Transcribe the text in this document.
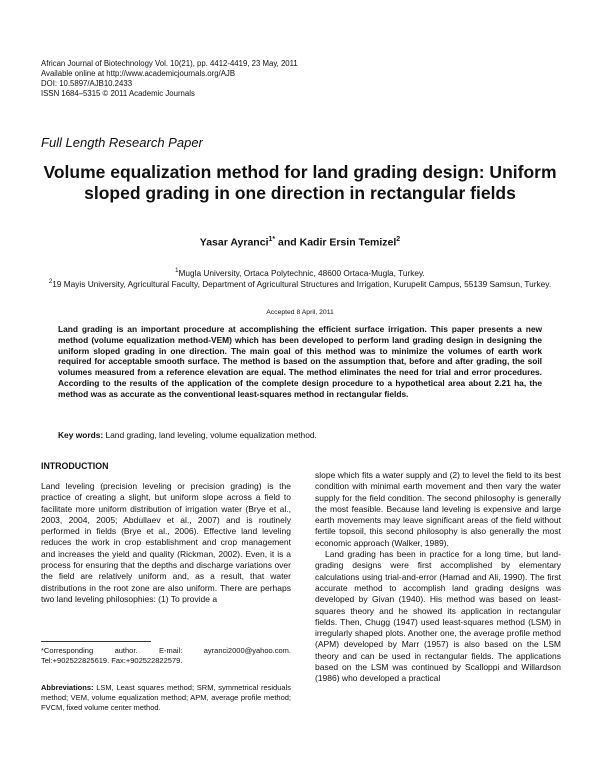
African Journal of Biotechnology Vol. 10(21), pp. 4412-4419, 23 May, 2011
Available online at http://www.academicjournals.org/AJB
DOI: 10.5897/AJB10.2433
ISSN 1684–5315 © 2011 Academic Journals
Full Length Research Paper
Volume equalization method for land grading design: Uniform sloped grading in one direction in rectangular fields
Yasar Ayranci$^{1*}$ and Kadir Ersin Temizel$^2$
$^1$Mugla University, Ortaca Polytechnic, 48600 Ortaca-Mugla, Turkey.
$^2$19 Mayis University, Agricultural Faculty, Department of Agricultural Structures and Irrigation, Kurupelit Campus, 55139 Samsun, Turkey.
Accepted 8 April, 2011
Land grading is an important procedure at accomplishing the efficient surface irrigation. This paper presents a new method (volume equalization method-VEM) which has been developed to perform land grading design in designing the uniform sloped grading in one direction. The main goal of this method was to minimize the volumes of earth work required for acceptable smooth surface. The method is based on the assumption that, before and after grading, the soil volumes measured from a reference elevation are equal. The method eliminates the need for trial and error procedures. According to the results of the application of the complete design procedure to a hypothetical area about 2.21 ha, the method was as accurate as the conventional least-squares method in rectangular fields.
Key words: Land grading, land leveling, volume equalization method.
INTRODUCTION

Land leveling (precision leveling or precision grading) is the practice of creating a slight, but uniform slope across a field to facilitate more uniform distribution of irrigation water (Brye et al., 2003, 2004, 2005; Abdullaev et al., 2007) and is routinely performed in fields (Brye et al., 2006). Effective land leveling reduces the work in crop establishment and crop management and increases the yield and quality (Rickman, 2002). Even, it is a process for ensuring that the depths and discharge variations over the field are relatively uniform and, as a result, that water distributions in the root zone are also uniform. There are perhaps two land leveling philosophies: (1) To provide a

slope which fits a water supply and (2) to level the field to its best condition with minimal earth movement and then vary the water supply for the field condition. The second philosophy is generally the most feasible. Because land leveling is expensive and large earth movements may leave significant areas of the field without fertile topsoil, this second philosophy is also generally the most economic approach (Walker, 1989).

Land grading has been in practice for a long time, but land-grading designs were first accomplished by elementary calculations using trial-and-error (Hamad and Ali, 1990). The first accurate method to accomplish land grading designs was developed by Givan (1940). His method was based on least-squares theory and he showed its application in rectangular fields. Then, Chugg (1947) used least-squares method (LSM) in irregularly shaped plots. Another one, the average profile method (APM) developed by Marr (1957) is also based on the LSM theory and can be used in rectangular fields. The applications based on the LSM was continued by Scalloppi and Willardson (1986) who developed a practical

*Corresponding author. E-mail: ayranci2000@yahoo.com. Tel:+902522825619. Fax:+902522822579.
Abbreviations: LSM, Least squares method; SRM, symmetrical residuals method; VEM, volume equalization method; APM, average profile method; FVCM, fixed volume center method.
